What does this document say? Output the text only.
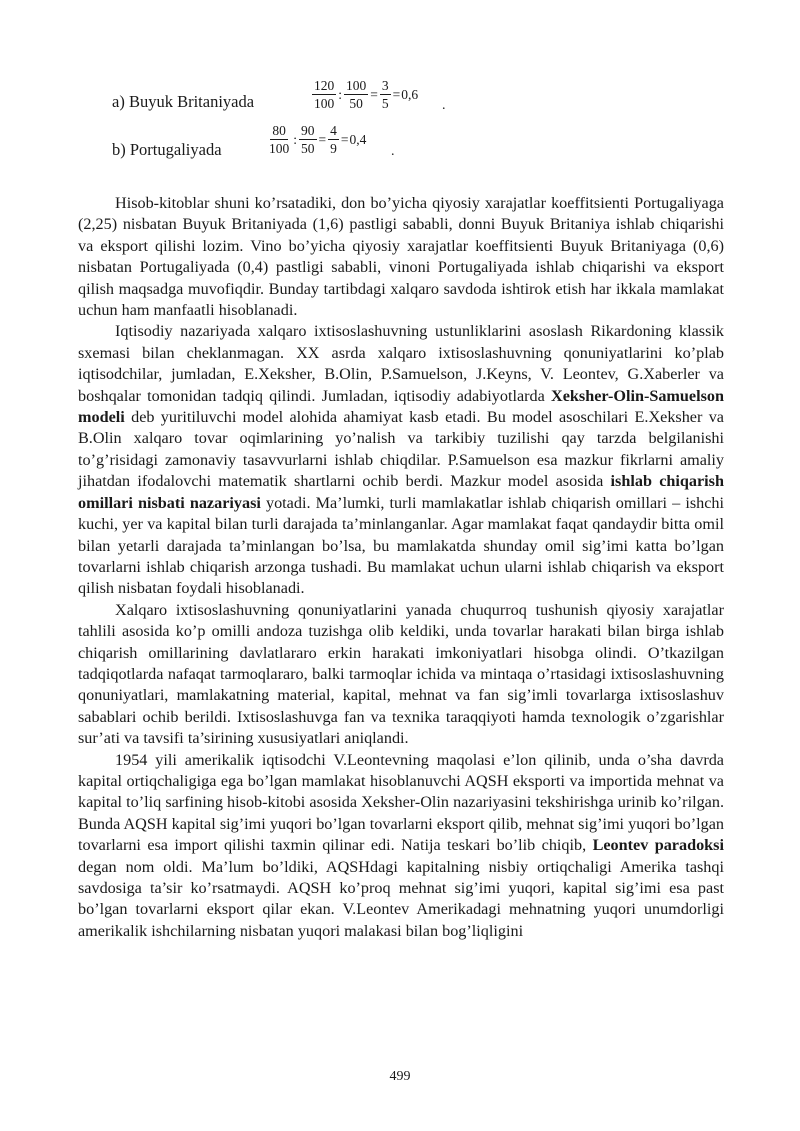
a) Buyuk Britaniyada	$\frac{120}{100}$ : $\frac{100}{50} = \frac{3}{5} = 0,6$
.
b) Portugaliyada	$\frac{80}{100}$ : $\frac{90}{50} = \frac{4}{9} = 0,4$
.

Hisob-kitoblar shuni ko’rsatadiki, don bo’yicha qiyosiy xarajatlar koeffitsienti Portugaliyaga (2,25) nisbatan Buyuk Britaniyada (1,6) pastligi sababli, donni Buyuk Britaniya ishlab chiqarishi va eksport qilishi lozim. Vino bo’yicha qiyosiy xarajatlar koeffitsienti Buyuk Britaniyaga (0,6) nisbatan Portugaliyada (0,4) pastligi sababli, vinoni Portugaliyada ishlab chiqarishi va eksport qilish maqsadga muvofiqdir. Bunday tartibdagi xalqaro savdoda ishtirok etish har ikkala mamlakat uchun ham manfaatli hisoblanadi.

Iqtisodiy nazariyada xalqaro ixtisoslashuvning ustunliklarini asoslash Rikardoning klassik sxemasi bilan cheklanmagan. XX asrda xalqaro ixtisoslashuvning qonuniyatlarini ko’plab iqtisodchilar, jumladan, E.Xeksher, B.Olin, P.Samuelson, J.Keyns, V. Leontev, G.Xaberler va boshqalar tomonidan tadqiq qilindi. Jumladan, iqtisodiy adabiyotlarda Xeksher-Olin-Samuelson modeli deb yuritiluvchi model alohida ahamiyat kasb etadi. Bu model asoschilari E.Xeksher va B.Olin xalqaro tovar oqimlarining yo’nalish va tarkibiy tuzilishi qay tarzda belgilanishi to’g’risidagi zamonaviy tasavvurlarni ishlab chiqdilar. P.Samuelson esa mazkur fikrlarni amaliy jihatdan ifodalovchi matematik shartlarni ochib berdi. Mazkur model asosida ishlab chiqarish omillari nisbati nazariyasi yotadi. Ma’lumki, turli mamlakatlar ishlab chiqarish omillari – ishchi kuchi, yer va kapital bilan turli darajada ta’minlanganlar. Agar mamlakat faqat qandaydir bitta omil bilan yetarli darajada ta’minlangan bo’lsa, bu mamlakatda shunday omil sig’imi katta bo’lgan tovarlarni ishlab chiqarish arzonga tushadi. Bu mamlakat uchun ularni ishlab chiqarish va eksport qilish nisbatan foydali hisoblanadi.

Xalqaro ixtisoslashuvning qonuniyatlarini yanada chuqurroq tushunish qiyosiy xarajatlar tahlili asosida ko’p omilli andoza tuzishga olib keldiki, unda tovarlar harakati bilan birga ishlab chiqarish omillarining davlatlararo erkin harakati imkoniyatlari hisobga olindi. O’tkazilgan tadqiqotlarda nafaqat tarmoqlararo, balki tarmoqlar ichida va mintaqa o’rtasidagi ixtisoslashuvning qonuniyatlari, mamlakatning material, kapital, mehnat va fan sig’imli tovarlarga ixtisoslashuv sabablari ochib berildi. Ixtisoslashuvga fan va texnika taraqqiyoti hamda texnologik o’zgarishlar sur’ati va tavsifi ta’sirining xususiyatlari aniqlandi.

1954 yili amerikalik iqtisodchi V.Leontevning maqolasi e’lon qilinib, unda o’sha davrda kapital ortiqchaligiga ega bo’lgan mamlakat hisoblanuvchi AQSH eksporti va importida mehnat va kapital to’liq sarfining hisob-kitobi asosida Xeksher-Olin nazariyasini tekshirishga urinib ko’rilgan. Bunda AQSH kapital sig’imi yuqori bo’lgan tovarlarni eksport qilib, mehnat sig’imi yuqori bo’lgan tovarlarni esa import qilishi taxmin qilinar edi. Natija teskari bo’lib chiqib, Leontev paradoksi degan nom oldi. Ma’lum bo’ldiki, AQSHdagi kapitalning nisbiy ortiqchaligi Amerika tashqi savdosiga ta’sir ko’rsatmaydi. AQSH ko’proq mehnat sig’imi yuqori, kapital sig’imi esa past bo’lgan tovarlarni eksport qilar ekan. V.Leontev Amerikadagi mehnatning yuqori unumdorligi amerikalik ishchilarning nisbatan yuqori malakasi bilan bog’liqligini

499
